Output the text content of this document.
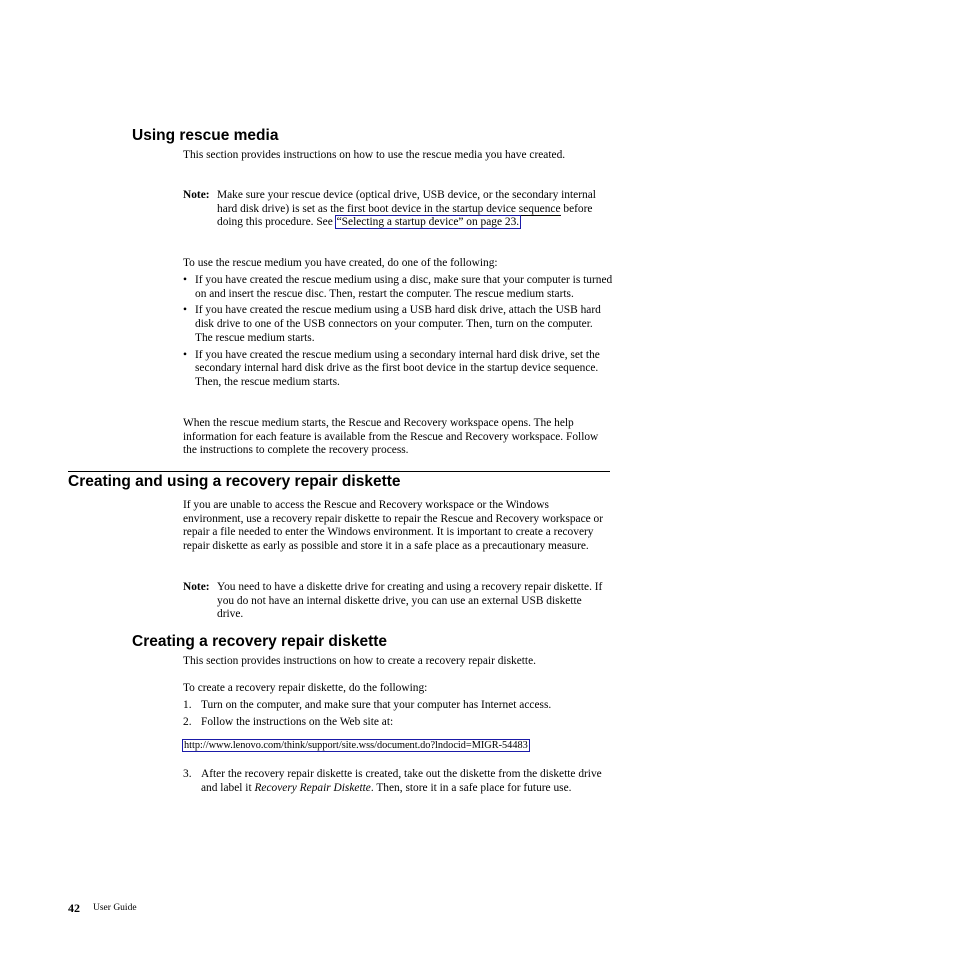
Using rescue media

This section provides instructions on how to use the rescue media you have created.

Note: Make sure your rescue device (optical drive, USB device, or the secondary internal hard disk drive) is set as the first boot device in the startup device sequence before doing this procedure. See “Selecting a startup device” on page 23.

To use the rescue medium you have created, do one of the following:

• If you have created the rescue medium using a disc, make sure that your computer is turned on and insert the rescue disc. Then, restart the computer. The rescue medium starts.
• If you have created the rescue medium using a USB hard disk drive, attach the USB hard disk drive to one of the USB connectors on your computer. Then, turn on the computer. The rescue medium starts.
• If you have created the rescue medium using a secondary internal hard disk drive, set the secondary internal hard disk drive as the first boot device in the startup device sequence. Then, the rescue medium starts.

When the rescue medium starts, the Rescue and Recovery workspace opens. The help information for each feature is available from the Rescue and Recovery workspace. Follow the instructions to complete the recovery process.

Creating and using a recovery repair diskette

If you are unable to access the Rescue and Recovery workspace or the Windows environment, use a recovery repair diskette to repair the Rescue and Recovery workspace or repair a file needed to enter the Windows environment. It is important to create a recovery repair diskette as early as possible and store it in a safe place as a precautionary measure.

Note: You need to have a diskette drive for creating and using a recovery repair diskette. If you do not have an internal diskette drive, you can use an external USB diskette drive.
Creating a recovery repair diskette

This section provides instructions on how to create a recovery repair diskette.

To create a recovery repair diskette, do the following:

1. Turn on the computer, and make sure that your computer has Internet access.
2. Follow the instructions on the Web site at:
http://www.lenovo.com/think/support/site.wss/document.do?lndocid=MIGR-54483
3. After the recovery repair diskette is created, take out the diskette from the diskette drive and label it Recovery Repair Diskette. Then, store it in a safe place for future use.
42 User Guide
